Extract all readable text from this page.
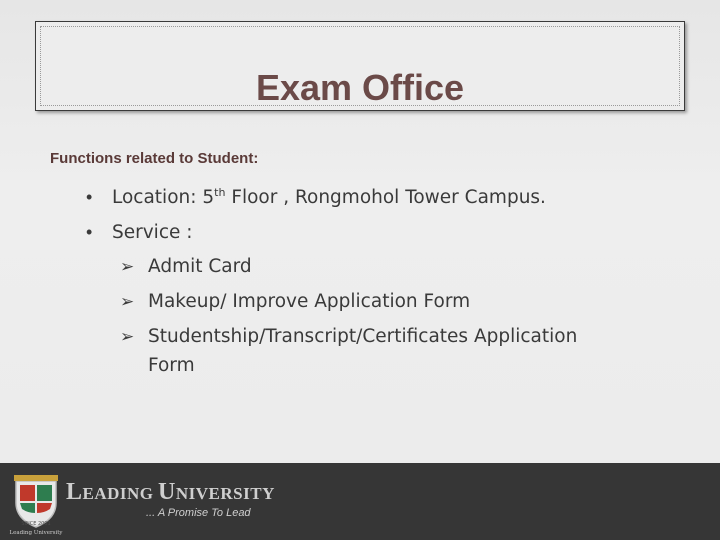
Exam Office
Functions related to Student:
• Location: 5th Floor , Rongmohol Tower Campus.
• Service :
➢ Admit Card
➢ Makeup/ Improve Application Form
➢ Studentship/Transcript/Certificates Application
Form
SINCE 2001
Leading University
LEADING UNIVERSITY
... A Promise To Lead
